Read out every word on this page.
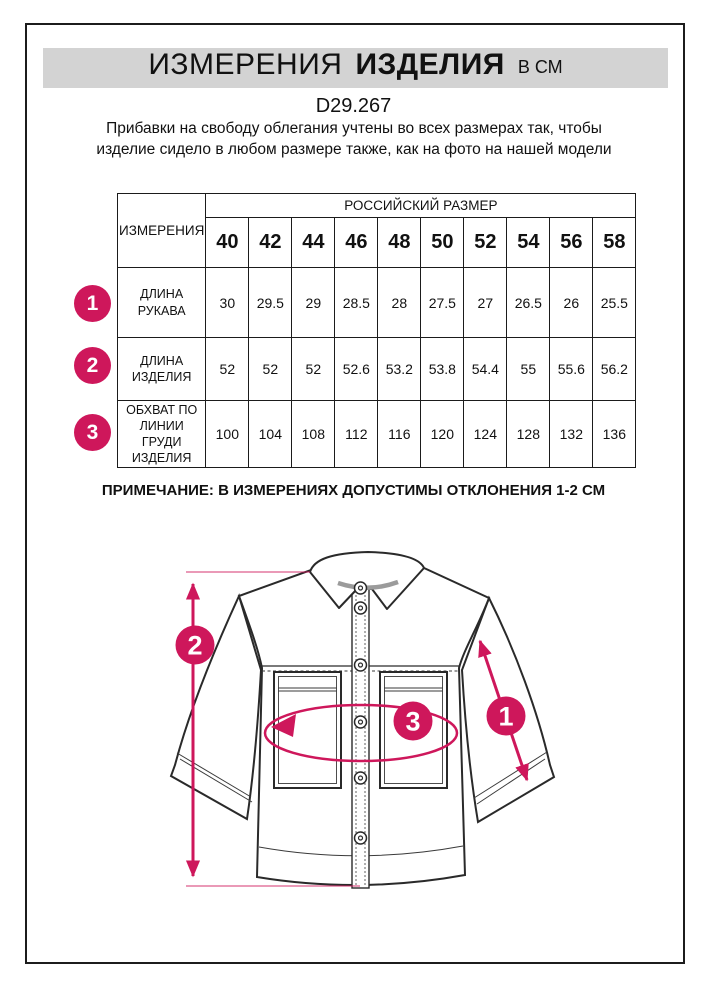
ИЗМЕРЕНИЯ ИЗДЕЛИЯ В СМ
D29.267
Прибавки на свободу облегания учтены во всех размерах так, чтобы изделие сидело в любом размере также, как на фото на нашей модели
ИЗМЕРЕНИЯ	РОССИЙСКИЙ РАЗМЕР									
	40	42	44	46	48	50	52	54	56	58
ДЛИНА РУКАВА	30	29.5	29	28.5	28	27.5	27	26.5	26	25.5
ДЛИНА ИЗДЕЛИЯ	52	52	52	52.6	53.2	53.8	54.4	55	55.6	56.2
ОБХВАТ ПО ЛИНИИ ГРУДИ ИЗДЕЛИЯ	100	104	108	112	116	120	124	128	132	136
1
2
3
ПРИМЕЧАНИЕ: В ИЗМЕРЕНИЯХ ДОПУСТИМЫ ОТКЛОНЕНИЯ 1-2 СМ
1
2
3
